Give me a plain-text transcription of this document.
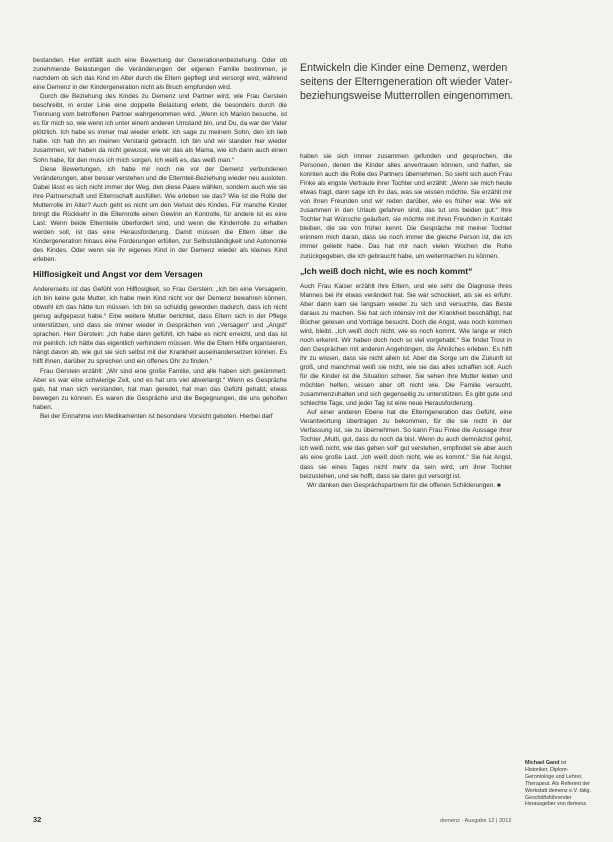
Entwickeln die Kinder eine Demenz, werden seitens der Elterngeneration oft wieder Vater- beziehungsweise Mutterrollen eingenommen.

bestanden. Hier entfällt auch eine Bewertung der Generationenbeziehung. Oder ob zunehmende Belastungen die Veränderungen der eigenen Familie bestimmen, je nachdem ob sich das Kind im Alter durch die Eltern gepflegt und versorgt wird, während eine Demenz in der Kindergeneration nicht als Bruch empfunden wird.

Durch die Beziehung des Kindes zu Demenz und Partner wird, wie Frau Gerstein beschreibt, in erster Linie eine doppelte Belastung erlebt, die besonders durch die Trennung vom betroffenen Partner wahrgenommen wird. „Wenn ich Marion besuche, ist es für mich so, wie wenn ich unter einem anderen Umstand bin, und Du, da war der Vater plötzlich. Ich habe es immer mal wieder erlebt. Ich sage zu meinem Sohn, den ich lieb habe. Ich hab ihn an meinen Verstand gebracht. Ich bin und wir standen hier wieder zusammen, wir haben da nicht gewusst, wie wir das als Mama, wie ich dann auch einen Sohn habe, für den muss ich mich sorgen. Ich weiß es, das weiß man.“

Diese Bewertungen, ich habe mir noch nie vor der Demenz verbundenen Veränderungen, aber besser verstehen und die Elternteil-Beziehung wieder neu ausloten. Dabei lässt es sich nicht immer der Weg, den diese Paare wählen, sondern auch wie sie ihre Partnerschaft und Elternschaft ausfüllen. Wie erleben sie das? Wie ist die Rolle der Mutterrolle im Alter? Auch geht es nicht um den Verlust des Kindes. Für manche Kinder bringt die Rückkehr in die Elternrolle einen Gewinn an Kontrolle, für andere ist es eine Last. Wenn beide Elternteile überfordert sind, und wenn die Kinderrolle zu erhalten werden soll, ist das eine Herausforderung. Damit müssen die Eltern über die Kindergeneration hinaus eine Forderungen erfüllen, zur Selbstständigkeit und Autonomie des Kindes. Oder wenn sie ihr eigenes Kind in der Demenz wieder als kleines Kind erleben.

Hilflosigkeit und Angst vor dem Versagen

Andererseits ist das Gefühl von Hilflosigkeit, so Frau Gerstein: „Ich bin eine Versagerin, ich bin keine gute Mutter, ich habe mein Kind nicht vor der Demenz bewahren können, obwohl ich das hätte tun müssen. Ich bin so schuldig geworden dadurch, dass ich nicht genug aufgepasst habe.“ Eine weitere Mutter berichtet, dass Eltern sich in der Pflege unterstützen, und dass sie immer wieder in Gesprächen von „Versagen“ und „Angst“ sprachen. Herr Gerstein: „Ich habe dann gefühlt, ich habe es nicht erreicht, und das ist mir peinlich. Ich hätte das eigentlich verhindern müssen. Wie die Eltern Hilfe organisieren, hängt davon ab, wie gut sie sich selbst mit der Krankheit auseinandersetzen können. Es hilft ihnen, darüber zu sprechen und ein offenes Ohr zu finden.“

Frau Gerstein erzählt: „Wir sind eine große Familie, und alle haben sich gekümmert. Aber es war eine schwierige Zeit, und es hat uns viel abverlangt.“ Wenn es Gespräche gab, hat man sich verstanden, hat man geredet, hat man das Gefühl gehabt, etwas bewegen zu können. Es waren die Gespräche und die Begegnungen, die uns geholfen haben.

Bei der Einnahme von Medikamenten ist besondere Vorsicht geboten. Hierbei darf

haben sie sich immer zusammen gefunden und gesprochen, die Personen, denen die Kinder alles anvertrauen können, und halfen, sie konnten auch die Rolle des Partners übernehmen. So sieht sich auch Frau Finke als engste Vertraute ihrer Tochter und erzählt: „Wenn sie mich heute etwas fragt, dann sage ich ihr das, was sie wissen möchte. Sie erzählt mir von ihren Freunden und wir reden darüber, wie es früher war. Wie wir zusammen in den Urlaub gefahren sind, das tut uns beiden gut.“ Ihre Tochter hat Wünsche geäußert, sie möchte mit ihren Freunden in Kontakt bleiben, die sie von früher kennt. Die Gespräche mit meiner Tochter erinnern mich daran, dass sie noch immer die gleiche Person ist, die ich immer geliebt habe. Das hat mir nach vielen Wochen die Ruhe zurückgegeben, die ich gebraucht habe, um weitermachen zu können.

„Ich weiß doch nicht, wie es noch kommt“

Auch Frau Kaiser erzählt ihre Eltern, und wie sehr die Diagnose ihres Mannes bei ihr etwas verändert hat. Sie war schockiert, als sie es erfuhr. Aber dann kam sie langsam wieder zu sich und versuchte, das Beste daraus zu machen. Sie hat sich intensiv mit der Krankheit beschäftigt, hat Bücher gelesen und Vorträge besucht. Doch die Angst, was noch kommen wird, bleibt. „Ich weiß doch nicht, wie es noch kommt. Wie lange er mich noch erkennt. Wir haben doch noch so viel vorgehabt.“ Sie findet Trost in den Gesprächen mit anderen Angehörigen, die Ähnliches erleben. Es hilft ihr zu wissen, dass sie nicht allein ist. Aber die Sorge um die Zukunft ist groß, und manchmal weiß sie nicht, wie sie das alles schaffen soll. Auch für die Kinder ist die Situation schwer. Sie sehen ihre Mutter leiden und möchten helfen, wissen aber oft nicht wie. Die Familie versucht, zusammenzuhalten und sich gegenseitig zu unterstützen. Es gibt gute und schlechte Tage, und jeder Tag ist eine neue Herausforderung.

Auf einer anderen Ebene hat die Elterngeneration das Gefühl, eine Verantwortung übertragen zu bekommen, für die sie nicht in der Verfassung ist, sie zu übernehmen. So kann Frau Finke die Aussage ihrer Tochter „Mutti, gut, dass du noch da bist. Wenn du auch demnächst gehst, ich weiß nicht, wie das gehen soll“ gut verstehen, empfindet sie aber auch als eine große Last. „Ich weiß doch nicht, wie es kommt.“ Sie hat Angst, dass sie eines Tages nicht mehr da sein wird, um ihrer Tochter beizustehen, und sie hofft, dass sie dann gut versorgt ist.

Wir danken den Gesprächspartnern für die offenen Schilderungen. ■

Michael Gand ist Historiker, Diplom-Gerontologe und Lehrer, Therapeut. Als Referent der Werkstatt demenz e.V. tätig. Geschäftsführender Herausgeber von demenz.
32	demenz · Ausgabe 12 | 2012
